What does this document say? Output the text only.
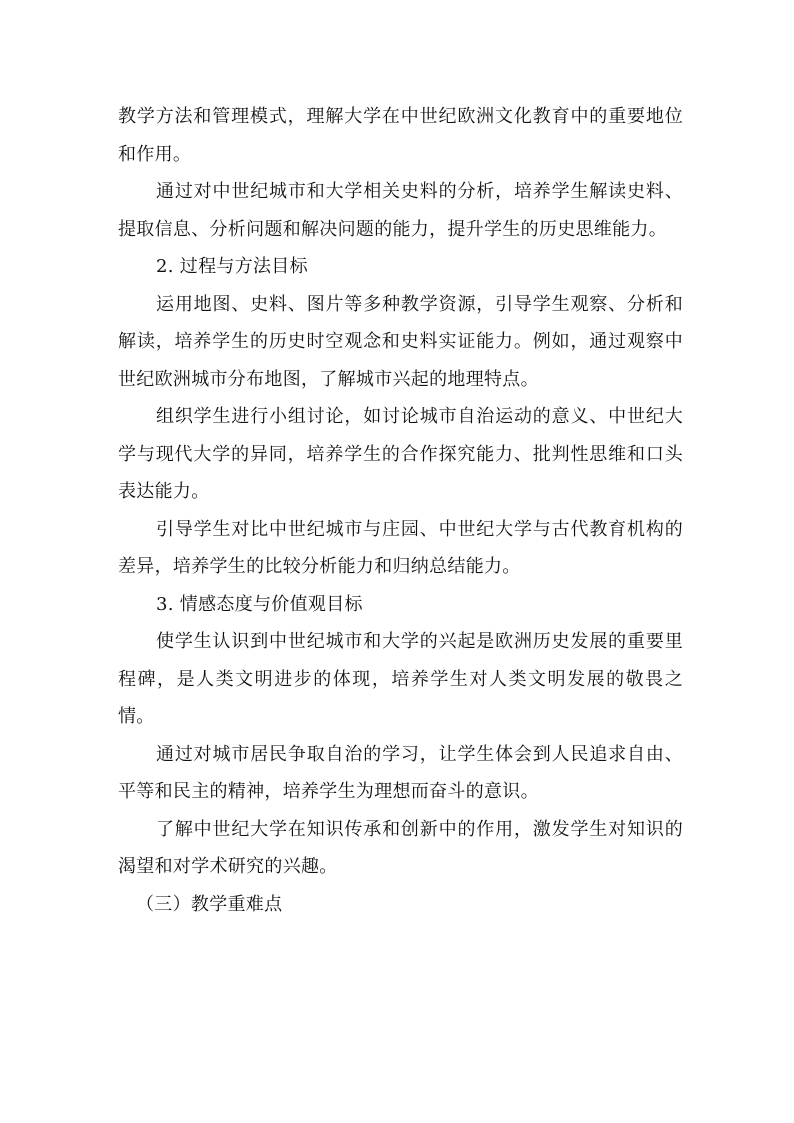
教学方法和管理模式，理解大学在中世纪欧洲文化教育中的重要地位和作用。

通过对中世纪城市和大学相关史料的分析，培养学生解读史料、提取信息、分析问题和解决问题的能力，提升学生的历史思维能力。

2. 过程与方法目标

运用地图、史料、图片等多种教学资源，引导学生观察、分析和解读，培养学生的历史时空观念和史料实证能力。例如，通过观察中世纪欧洲城市分布地图，了解城市兴起的地理特点。

组织学生进行小组讨论，如讨论城市自治运动的意义、中世纪大学与现代大学的异同，培养学生的合作探究能力、批判性思维和口头表达能力。

引导学生对比中世纪城市与庄园、中世纪大学与古代教育机构的差异，培养学生的比较分析能力和归纳总结能力。

3. 情感态度与价值观目标

使学生认识到中世纪城市和大学的兴起是欧洲历史发展的重要里程碑，是人类文明进步的体现，培养学生对人类文明发展的敬畏之情。

通过对城市居民争取自治的学习，让学生体会到人民追求自由、平等和民主的精神，培养学生为理想而奋斗的意识。

了解中世纪大学在知识传承和创新中的作用，激发学生对知识的渴望和对学术研究的兴趣。

（三）教学重难点
